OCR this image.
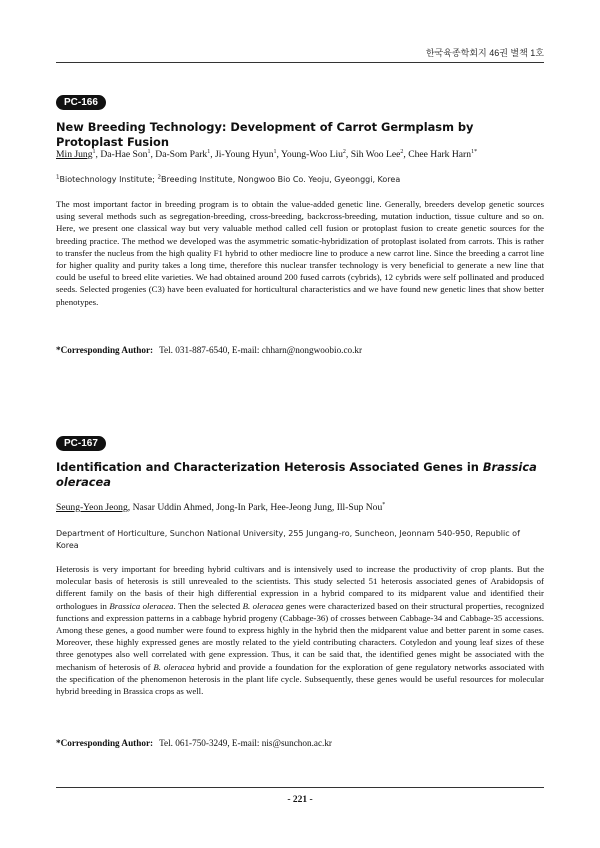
한국육종학회지 46권 별책 1호
PC-166
New Breeding Technology: Development of Carrot Germplasm by Protoplast Fusion
Min Jung$^1$, Da-Hae Son$^1$, Da-Som Park$^1$, Ji-Young Hyun$^1$, Young-Woo Liu$^2$, Sih Woo Lee$^2$, Chee Hark Harn$^{1*}$
$^1$Biotechnology Institute; $^2$Breeding Institute, Nongwoo Bio Co. Yeoju, Gyeonggi, Korea

The most important factor in breeding program is to obtain the value-added genetic line. Generally, breeders develop genetic sources using several methods such as segregation-breeding, cross-breeding, backcross-breeding, mutation induction, tissue culture and so on. Here, we present one classical way but very valuable method called cell fusion or protoplast fusion to create genetic sources for the breeding practice. The method we developed was the asymmetric somatic-hybridization of protoplast isolated from carrots. This is rather to transfer the nucleus from the high quality F1 hybrid to other mediocre line to produce a new carrot line. Since the breeding a carrot line for higher quality and purity takes a long time, therefore this nuclear transfer technology is very beneficial to generate a new line that could be useful to breed elite varieties. We had obtained around 200 fused carrots (cybrids), 12 cybrids were self pollinated and produced seeds. Selected progenies (C3) have been evaluated for horticultural characteristics and we have found new genetic lines that show better phenotypes.

*Corresponding Author: Tel. 031-887-6540, E-mail: chharn@nongwoobio.co.kr
PC-167
Identification and Characterization Heterosis Associated Genes in Brassica oleracea
Seung-Yeon Jeong, Nasar Uddin Ahmed, Jong-In Park, Hee-Jeong Jung, Ill-Sup Nou*
Department of Horticulture, Sunchon National University, 255 Jungang-ro, Suncheon, Jeonnam 540-950, Republic of Korea

Heterosis is very important for breeding hybrid cultivars and is intensively used to increase the productivity of crop plants. But the molecular basis of heterosis is still unrevealed to the scientists. This study selected 51 heterosis associated genes of Arabidopsis of different family on the basis of their high differential expression in a hybrid compared to its midparent value and identified their orthologues in Brassica oleracea. Then the selected B. oleracea genes were characterized based on their structural properties, recognized functions and expression patterns in a cabbage hybrid progeny (Cabbage-36) of crosses between Cabbage-34 and Cabbage-35 accessions. Among these genes, a good number were found to express highly in the hybrid then the midparent value and better parent in some cases. Moreover, these highly expressed genes are mostly related to the yield contributing characters. Cotyledon and young leaf sizes of these three genotypes also well correlated with gene expression. Thus, it can be said that, the identified genes might be associated with the mechanism of heterosis of B. oleracea hybrid and provide a foundation for the exploration of gene regulatory networks associated with the specification of the phenomenon heterosis in the plant life cycle. Subsequently, these genes would be useful resources for molecular hybrid breeding in Brassica crops as well.

*Corresponding Author: Tel. 061-750-3249, E-mail: nis@sunchon.ac.kr
- 221 -
